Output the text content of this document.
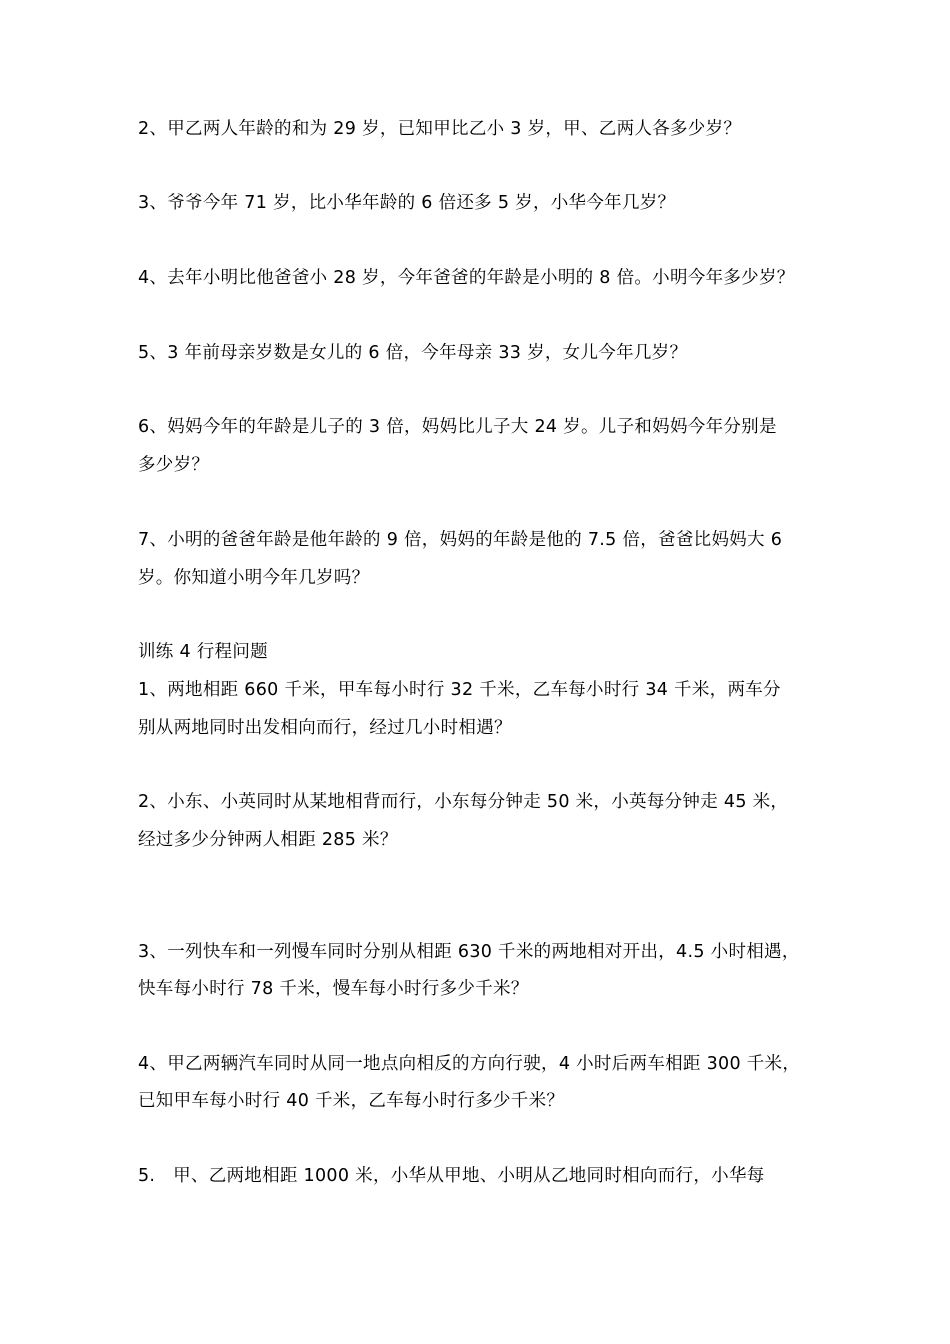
2、甲乙两人年龄的和为 29 岁，已知甲比乙小 3 岁，甲、乙两人各多少岁？
3、爷爷今年 71 岁，比小华年龄的 6 倍还多 5 岁，小华今年几岁？
4、去年小明比他爸爸小 28 岁，今年爸爸的年龄是小明的 8 倍。小明今年多少岁？
5、3 年前母亲岁数是女儿的 6 倍，今年母亲 33 岁，女儿今年几岁？
6、妈妈今年的年龄是儿子的 3 倍，妈妈比儿子大 24 岁。儿子和妈妈今年分别是
多少岁？
7、小明的爸爸年龄是他年龄的 9 倍，妈妈的年龄是他的 7.5 倍，爸爸比妈妈大 6
岁。你知道小明今年几岁吗？
训练 4 行程问题
1、两地相距 660 千米，甲车每小时行 32 千米，乙车每小时行 34 千米，两车分
别从两地同时出发相向而行，经过几小时相遇？
2、小东、小英同时从某地相背而行，小东每分钟走 50 米，小英每分钟走 45 米，
经过多少分钟两人相距 285 米？
3、一列快车和一列慢车同时分别从相距 630 千米的两地相对开出，4.5 小时相遇，
快车每小时行 78 千米，慢车每小时行多少千米？
4、甲乙两辆汽车同时从同一地点向相反的方向行驶，4 小时后两车相距 300 千米，
已知甲车每小时行 40 千米，乙车每小时行多少千米？
5.　甲、乙两地相距 1000 米，小华从甲地、小明从乙地同时相向而行，小华每
